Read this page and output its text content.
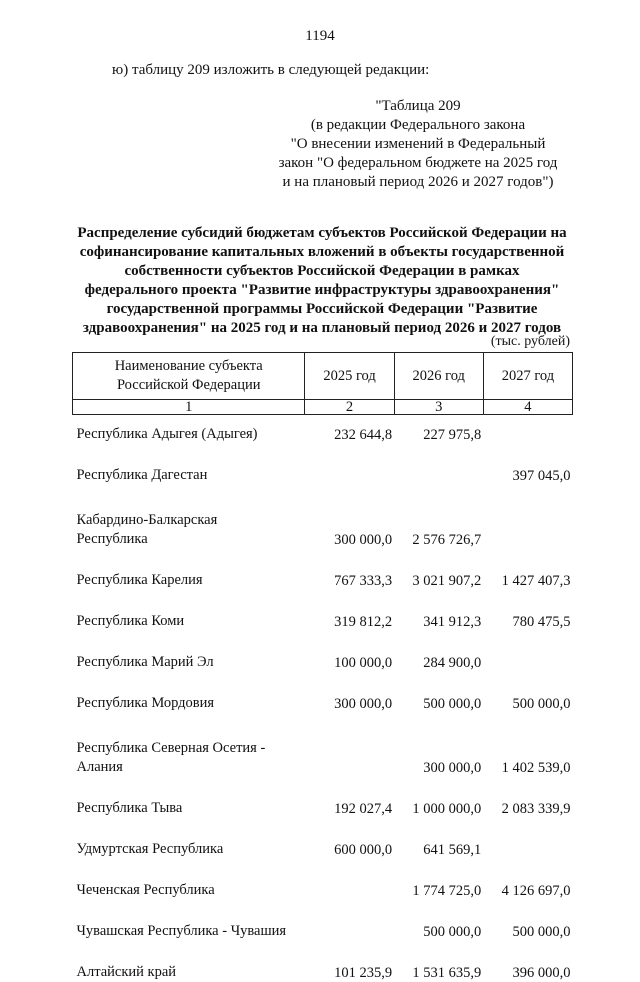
1194
ю) таблицу 209 изложить в следующей редакции:
"Таблица 209
(в редакции Федерального закона
"О внесении изменений в Федеральный
закон "О федеральном бюджете на 2025 год
и на плановый период 2026 и 2027 годов")
Распределение субсидий бюджетам субъектов Российской Федерации на
софинансирование капитальных вложений в объекты государственной
собственности субъектов Российской Федерации в рамках
федерального проекта "Развитие инфраструктуры здравоохранения"
государственной программы Российской Федерации "Развитие
здравоохранения" на 2025 год и на плановый период 2026 и 2027 годов
(тыс. рублей)
Наименование субъекта
Российской Федерации	2025 год	2026 год	2027 год
1	2	3	4

Республика Адыгея (Адыгея)	232 644,8	227 975,8	

Республика Дагестан			397 045,0

Кабардино-Балкарская
Республика	300 000,0	2 576 726,7	

Республика Карелия	767 333,3	3 021 907,2	1 427 407,3

Республика Коми	319 812,2	341 912,3	780 475,5

Республика Марий Эл	100 000,0	284 900,0	

Республика Мордовия	300 000,0	500 000,0	500 000,0

Республика Северная Осетия -
Алания		300 000,0	1 402 539,0

Республика Тыва	192 027,4	1 000 000,0	2 083 339,9

Удмуртская Республика	600 000,0	641 569,1	

Чеченская Республика		1 774 725,0	4 126 697,0

Чувашская Республика - Чувашия		500 000,0	500 000,0

Алтайский край	101 235,9	1 531 635,9	396 000,0
